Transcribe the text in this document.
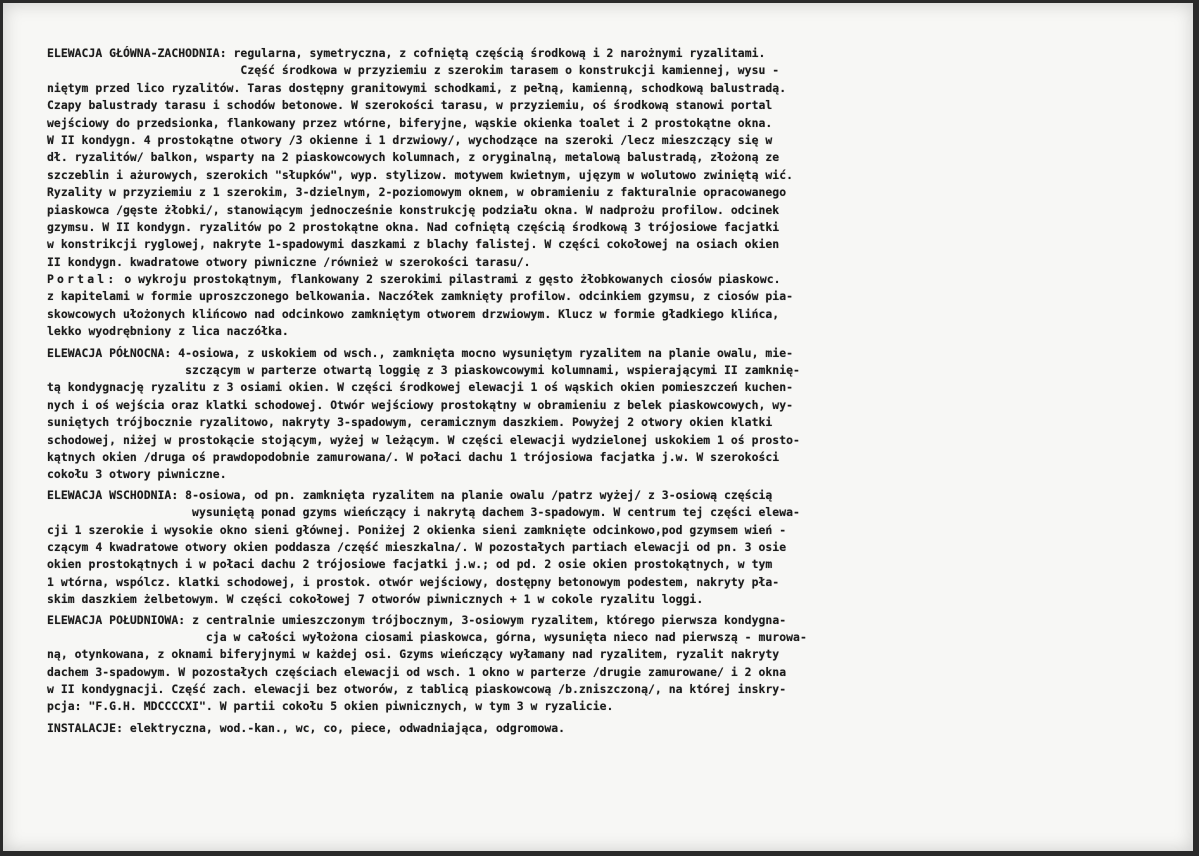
ELEWACJA GŁÓWNA-ZACHODNIA: regularna, symetryczna, z cofniętą częścią środkową i 2 narożnymi ryzalitami.
Część środkowa w przyziemiu z szerokim tarasem o konstrukcji kamiennej, wysu -
niętym przed lico ryzalitów. Taras dostępny granitowymi schodkami, z pełną, kamienną, schodkową balustradą.
Czapy balustrady tarasu i schodów betonowe. W szerokości tarasu, w przyziemiu, oś środkową stanowi portal
wejściowy do przedsionka, flankowany przez wtórne, biferyjne, wąskie okienka toalet i 2 prostokątne okna.
W II kondygn. 4 prostokątne otwory /3 okienne i 1 drzwiowy/, wychodzące na szeroki /lecz mieszczący się w
dł. ryzalitów/ balkon, wsparty na 2 piaskowcowych kolumnach, z oryginalną, metalową balustradą, złożoną ze
szczeblin i ażurowych, szerokich "słupków", wyp. stylizow. motywem kwietnym, ujęzym w wolutowo zwiniętą wić.
Ryzality w przyziemiu z 1 szerokim, 3-dzielnym, 2-poziomowym oknem, w obramieniu z fakturalnie opracowanego
piaskowca /gęste żłobki/, stanowiącym jednocześnie konstrukcję podziału okna. W nadprożu profilow. odcinek
gzymsu. W II kondygn. ryzalitów po 2 prostokątne okna. Nad cofniętą częścią środkową 3 trójosiowe facjatki
w konstrikcji ryglowej, nakryte 1-spadowymi daszkami z blachy falistej. W części cokołowej na osiach okien
II kondygn. kwadratowe otwory piwniczne /również w szerokości tarasu/.
Portal: o wykroju prostokątnym, flankowany 2 szerokimi pilastrami z gęsto żłobkowanych ciosów piaskowc.
z kapitelami w formie uproszczonego belkowania. Naczółek zamknięty profilow. odcinkiem gzymsu, z ciosów pia-
skowcowych ułożonych klińcowo nad odcinkowo zamkniętym otworem drzwiowym. Klucz w formie gładkiego klińca,
lekko wyodrębniony z lica naczółka.
ELEWACJA PÓŁNOCNA: 4-osiowa, z uskokiem od wsch., zamknięta mocno wysuniętym ryzalitem na planie owalu, mie-
szczącym w parterze otwartą loggię z 3 piaskowcowymi kolumnami, wspierającymi II zamknię-
tą kondygnację ryzalitu z 3 osiami okien. W części środkowej elewacji 1 oś wąskich okien pomieszczeń kuchen-
nych i oś wejścia oraz klatki schodowej. Otwór wejściowy prostokątny w obramieniu z belek piaskowcowych, wy-
suniętych trójbocznie ryzalitowo, nakryty 3-spadowym, ceramicznym daszkiem. Powyżej 2 otwory okien klatki
schodowej, niżej w prostokącie stojącym, wyżej w leżącym. W części elewacji wydzielonej uskokiem 1 oś prosto-
kątnych okien /druga oś prawdopodobnie zamurowana/. W połaci dachu 1 trójosiowa facjatka j.w. W szerokości
cokołu 3 otwory piwniczne.
ELEWACJA WSCHODNIA: 8-osiowa, od pn. zamknięta ryzalitem na planie owalu /patrz wyżej/ z 3-osiową częścią
wysuniętą ponad gzyms wieńczący i nakrytą dachem 3-spadowym. W centrum tej części elewa-
cji 1 szerokie i wysokie okno sieni głównej. Poniżej 2 okienka sieni zamknięte odcinkowo,pod gzymsem wień -
czącym 4 kwadratowe otwory okien poddasza /część mieszkalna/. W pozostałych partiach elewacji od pn. 3 osie
okien prostokątnych i w połaci dachu 2 trójosiowe facjatki j.w.; od pd. 2 osie okien prostokątnych, w tym
1 wtórna, wspólcz. klatki schodowej, i prostok. otwór wejściowy, dostępny betonowym podestem, nakryty pła-
skim daszkiem żelbetowym. W części cokołowej 7 otworów piwnicznych + 1 w cokole ryzalitu loggi.
ELEWACJA POŁUDNIOWA: z centralnie umieszczonym trójbocznym, 3-osiowym ryzalitem, którego pierwsza kondygna-
cja w całości wyłożona ciosami piaskowca, górna, wysunięta nieco nad pierwszą - murowa-
ną, otynkowana, z oknami biferyjnymi w każdej osi. Gzyms wieńczący wyłamany nad ryzalitem, ryzalit nakryty
dachem 3-spadowym. W pozostałych częściach elewacji od wsch. 1 okno w parterze /drugie zamurowane/ i 2 okna
w II kondygnacji. Część zach. elewacji bez otworów, z tablicą piaskowcową /b.zniszczoną/, na której inskry-
pcja: "F.G.H. MDCCCCXI". W partii cokołu 5 okien piwnicznych, w tym 3 w ryzalicie.
INSTALACJE: elektryczna, wod.-kan., wc, co, piece, odwadniająca, odgromowa.
